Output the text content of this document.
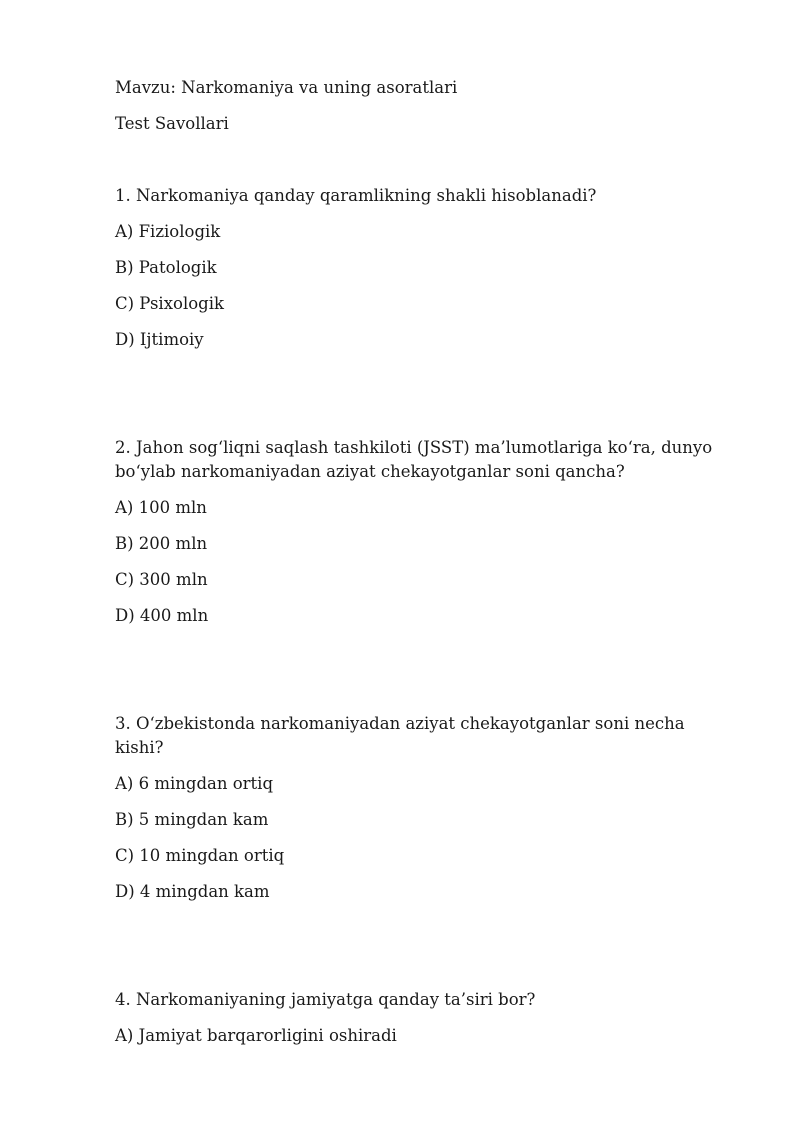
Mavzu: Narkomaniya va uning asoratlari

Test Savollari

1. Narkomaniya qanday qaramlikning shakli hisoblanadi?

A) Fiziologik

B) Patologik

C) Psixologik

D) Ijtimoiy

2. Jahon sog‘liqni saqlash tashkiloti (JSST) ma’lumotlariga ko‘ra, dunyo bo‘ylab narkomaniyadan aziyat chekayotganlar soni qancha?

A) 100 mln

B) 200 mln

C) 300 mln

D) 400 mln

3. O‘zbekistonda narkomaniyadan aziyat chekayotganlar soni necha kishi?

A) 6 mingdan ortiq

B) 5 mingdan kam

C) 10 mingdan ortiq

D) 4 mingdan kam

4. Narkomaniyaning jamiyatga qanday ta’siri bor?

A) Jamiyat barqarorligini oshiradi
